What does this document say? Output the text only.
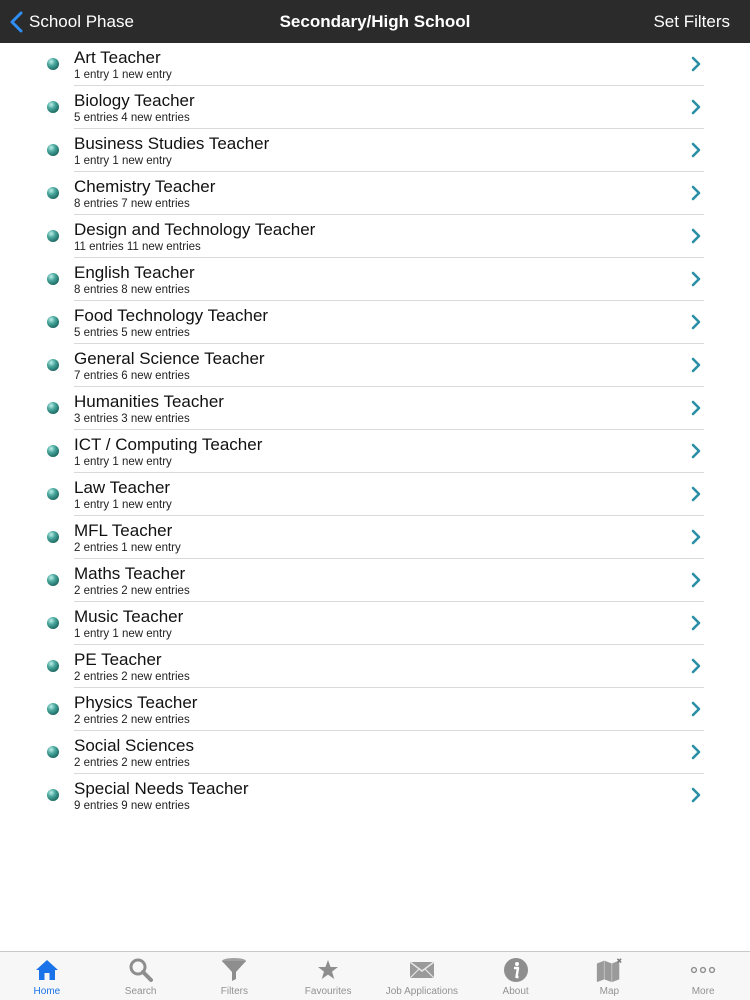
School Phase	Secondary/High School	Set Filters
Art Teacher
1 entry 1 new entry
Biology Teacher
5 entries 4 new entries
Business Studies Teacher
1 entry 1 new entry
Chemistry Teacher
8 entries 7 new entries
Design and Technology Teacher
11 entries 11 new entries
English Teacher
8 entries 8 new entries
Food Technology Teacher
5 entries 5 new entries
General Science Teacher
7 entries 6 new entries
Humanities Teacher
3 entries 3 new entries
ICT / Computing Teacher
1 entry 1 new entry
Law Teacher
1 entry 1 new entry
MFL Teacher
2 entries 1 new entry
Maths Teacher
2 entries 2 new entries
Music Teacher
1 entry 1 new entry
PE Teacher
2 entries 2 new entries
Physics Teacher
2 entries 2 new entries
Social Sciences
2 entries 2 new entries
Special Needs Teacher
9 entries 9 new entries
Home	Search	Filters	Favourites	Job Applications	About	Map	More
